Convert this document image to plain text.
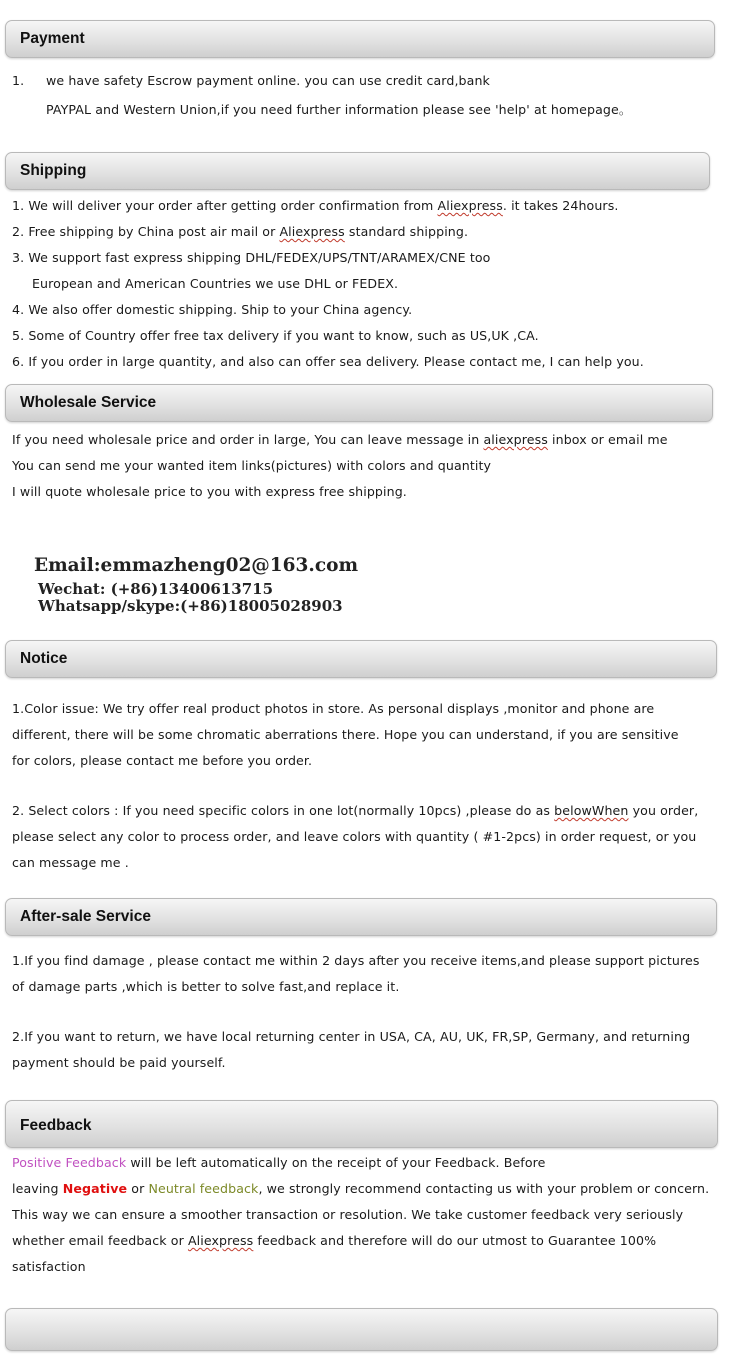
Payment
1. we have safety Escrow payment online. you can use credit card,bank
PAYPAL and Western Union,if you need further information please see 'help' at homepage。
Shipping
1. We will deliver your order after getting order confirmation from Aliexpress. it takes 24hours.
2. Free shipping by China post air mail or Aliexpress standard shipping.
3. We support fast express shipping DHL/FEDEX/UPS/TNT/ARAMEX/CNE too
European and American Countries we use DHL or FEDEX.
4. We also offer domestic shipping. Ship to your China agency.
5. Some of Country offer free tax delivery if you want to know, such as US,UK ,CA.
6. If you order in large quantity, and also can offer sea delivery. Please contact me, I can help you.
Wholesale Service
If you need wholesale price and order in large, You can leave message in aliexpress inbox or email me
You can send me your wanted item links(pictures) with colors and quantity
I will quote wholesale price to you with express free shipping.
Email:emmazheng02@163.com
Wechat: (+86)13400613715
Whatsapp/skype:(+86)18005028903
Notice
1.Color issue: We try offer real product photos in store. As personal displays ,monitor and phone are
different, there will be some chromatic aberrations there. Hope you can understand, if you are sensitive
for colors, please contact me before you order.
2. Select colors : If you need specific colors in one lot(normally 10pcs) ,please do as belowWhen you order,
please select any color to process order, and leave colors with quantity ( #1-2pcs) in order request, or you
can message me .
After-sale Service
1.If you find damage , please contact me within 2 days after you receive items,and please support pictures
of damage parts ,which is better to solve fast,and replace it.
2.If you want to return, we have local returning center in USA, CA, AU, UK, FR,SP, Germany, and returning
payment should be paid yourself.
Feedback
Positive Feedback will be left automatically on the receipt of your Feedback. Before
leaving Negative or Neutral feedback, we strongly recommend contacting us with your problem or concern.
This way we can ensure a smoother transaction or resolution. We take customer feedback very seriously
whether email feedback or Aliexpress feedback and therefore will do our utmost to Guarantee 100%
satisfaction
